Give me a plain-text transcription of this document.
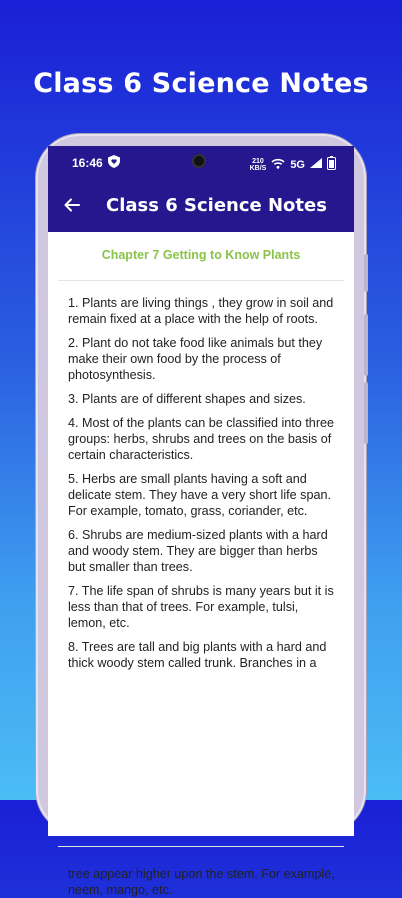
Class 6 Science Notes
16:46	210
KB/S 5G
Class 6 Science Notes
Chapter 7 Getting to Know Plants
1. Plants are living things , they grow in soil and remain fixed at a place with the help of roots.
2. Plant do not take food like animals but they make their own food by the process of photosynthesis.
3. Plants are of different shapes and sizes.
4. Most of the plants can be classified into three groups: herbs, shrubs and trees on the basis of certain characteristics.
5. Herbs are small plants having a soft and delicate stem. They have a very short life span. For example, tomato, grass, coriander, etc.
6. Shrubs are medium-sized plants with a hard and woody stem. They are bigger than herbs but smaller than trees.
7. The life span of shrubs is many years but it is less than that of trees. For example, tulsi, lemon, etc.
8. Trees are tall and big plants with a hard and thick woody stem called trunk. Branches in a

tree appear higher upon the stem. For example, neem, mango, etc.
